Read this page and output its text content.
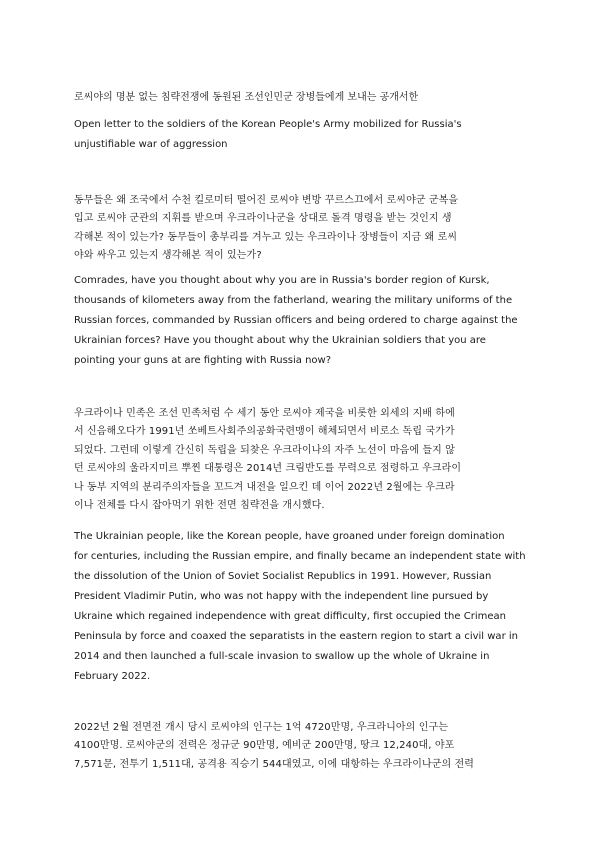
로씨야의 명분 없는 침략전쟁에 동원된 조선인민군 장병들에게 보내는 공개서한

Open letter to the soldiers of the Korean People's Army mobilized for Russia's
unjustifiable war of aggression

동무들은 왜 조국에서 수천 킬로미터 떨어진 로씨야 변방 꾸르스끄에서 로씨야군 군복을
입고 로씨야 군관의 지휘를 받으며 우크라이나군을 상대로 돌격 명령을 받는 것인지 생
각해본 적이 있는가? 동무들이 총부리를 겨누고 있는 우크라이나 장병들이 지금 왜 로씨
야와 싸우고 있는지 생각해본 적이 있는가?

Comrades, have you thought about why you are in Russia's border region of Kursk,
thousands of kilometers away from the fatherland, wearing the military uniforms of the
Russian forces, commanded by Russian officers and being ordered to charge against the
Ukrainian forces? Have you thought about why the Ukrainian soldiers that you are
pointing your guns at are fighting with Russia now?

우크라이나 민족은 조선 민족처럼 수 세기 동안 로씨야 제국을 비롯한 외세의 지배 하에
서 신음해오다가 1991년 쏘베트사회주의공화국련맹이 해체되면서 비로소 독립 국가가
되었다. 그런데 이렇게 간신히 독립을 되찾은 우크라이나의 자주 노선이 마음에 들지 않
던 로씨야의 울라지미르 뿌찐 대통령은 2014년 크림반도를 무력으로 점령하고 우크라이
나 동부 지역의 분리주의자들을 꼬드겨 내전을 일으킨 데 이어 2022년 2월에는 우크라
이나 전체를 다시 잡아먹기 위한 전면 침략전을 개시했다.

The Ukrainian people, like the Korean people, have groaned under foreign domination
for centuries, including the Russian empire, and finally became an independent state with
the dissolution of the Union of Soviet Socialist Republics in 1991. However, Russian
President Vladimir Putin, who was not happy with the independent line pursued by
Ukraine which regained independence with great difficulty, first occupied the Crimean
Peninsula by force and coaxed the separatists in the eastern region to start a civil war in
2014 and then launched a full-scale invasion to swallow up the whole of Ukraine in
February 2022.

2022년 2월 전면전 개시 당시 로씨야의 인구는 1억 4720만명, 우크라니아의 인구는
4100만명. 로씨야군의 전력은 정규군 90만명, 예비군 200만명, 땅크 12,240대, 야포
7,571문, 전투기 1,511대, 공격용 직승기 544대였고, 이에 대항하는 우크라이나군의 전력
